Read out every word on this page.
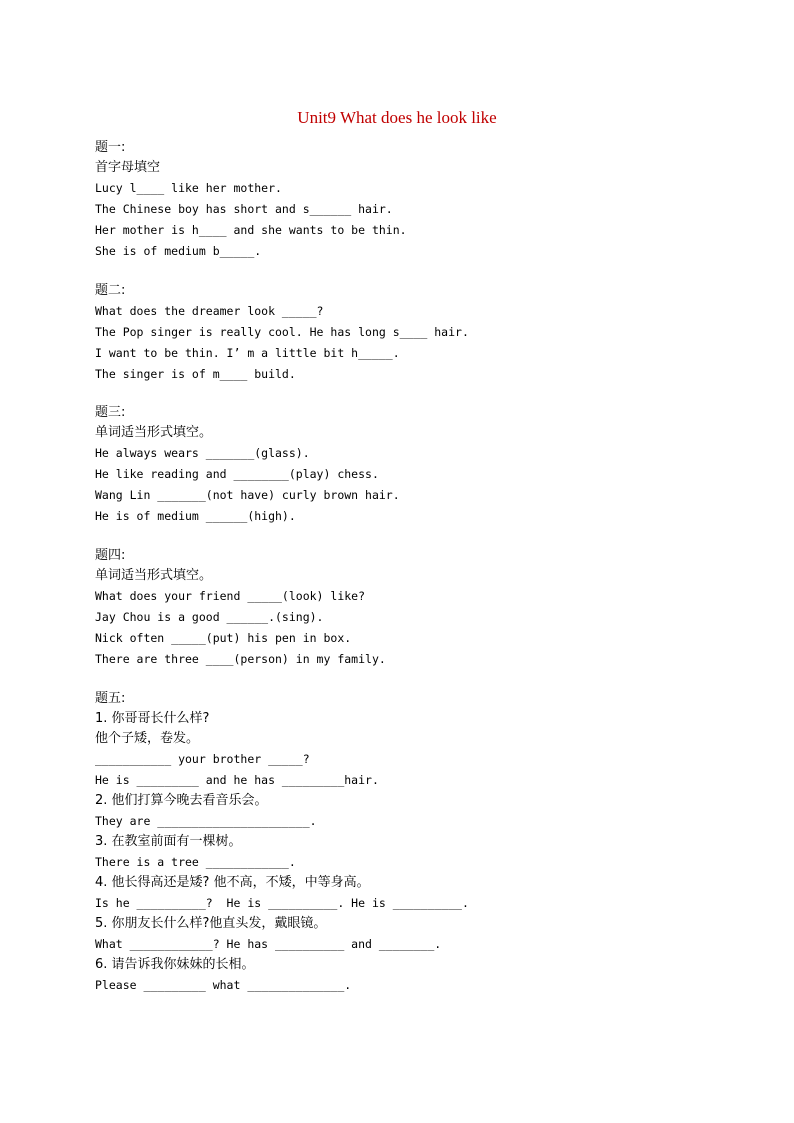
Unit9 What does he look like
题一:
首字母填空
Lucy l____ like her mother.
The Chinese boy has short and s______ hair.
Her mother is h____ and she wants to be thin.
She is of medium b_____.
题二:
What does the dreamer look _____?
The Pop singer is really cool. He has long s____ hair.
I want to be thin. I’ m a little bit h_____.
The singer is of m____ build.
题三:
单词适当形式填空。
He always wears _______(glass).
He like reading and ________(play) chess.
Wang Lin _______(not have) curly brown hair.
He is of medium ______(high).
题四:
单词适当形式填空。
What does your friend _____(look) like?
Jay Chou is a good ______.(sing).
Nick often _____(put) his pen in box.
There are three ____(person) in my family.
题五:
1. 你哥哥长什么样?
他个子矮，卷发。
___________ your brother _____?
He is _________ and he has _________hair.
2. 他们打算今晚去看音乐会。
They are ______________________.
3. 在教室前面有一棵树。
There is a tree ____________.
4. 他长得高还是矮? 他不高，不矮，中等身高。
Is he __________?  He is __________. He is __________.
5. 你朋友长什么样?他直头发，戴眼镜。
What ____________? He has __________ and ________.
6. 请告诉我你妹妹的长相。
Please _________ what ______________.
